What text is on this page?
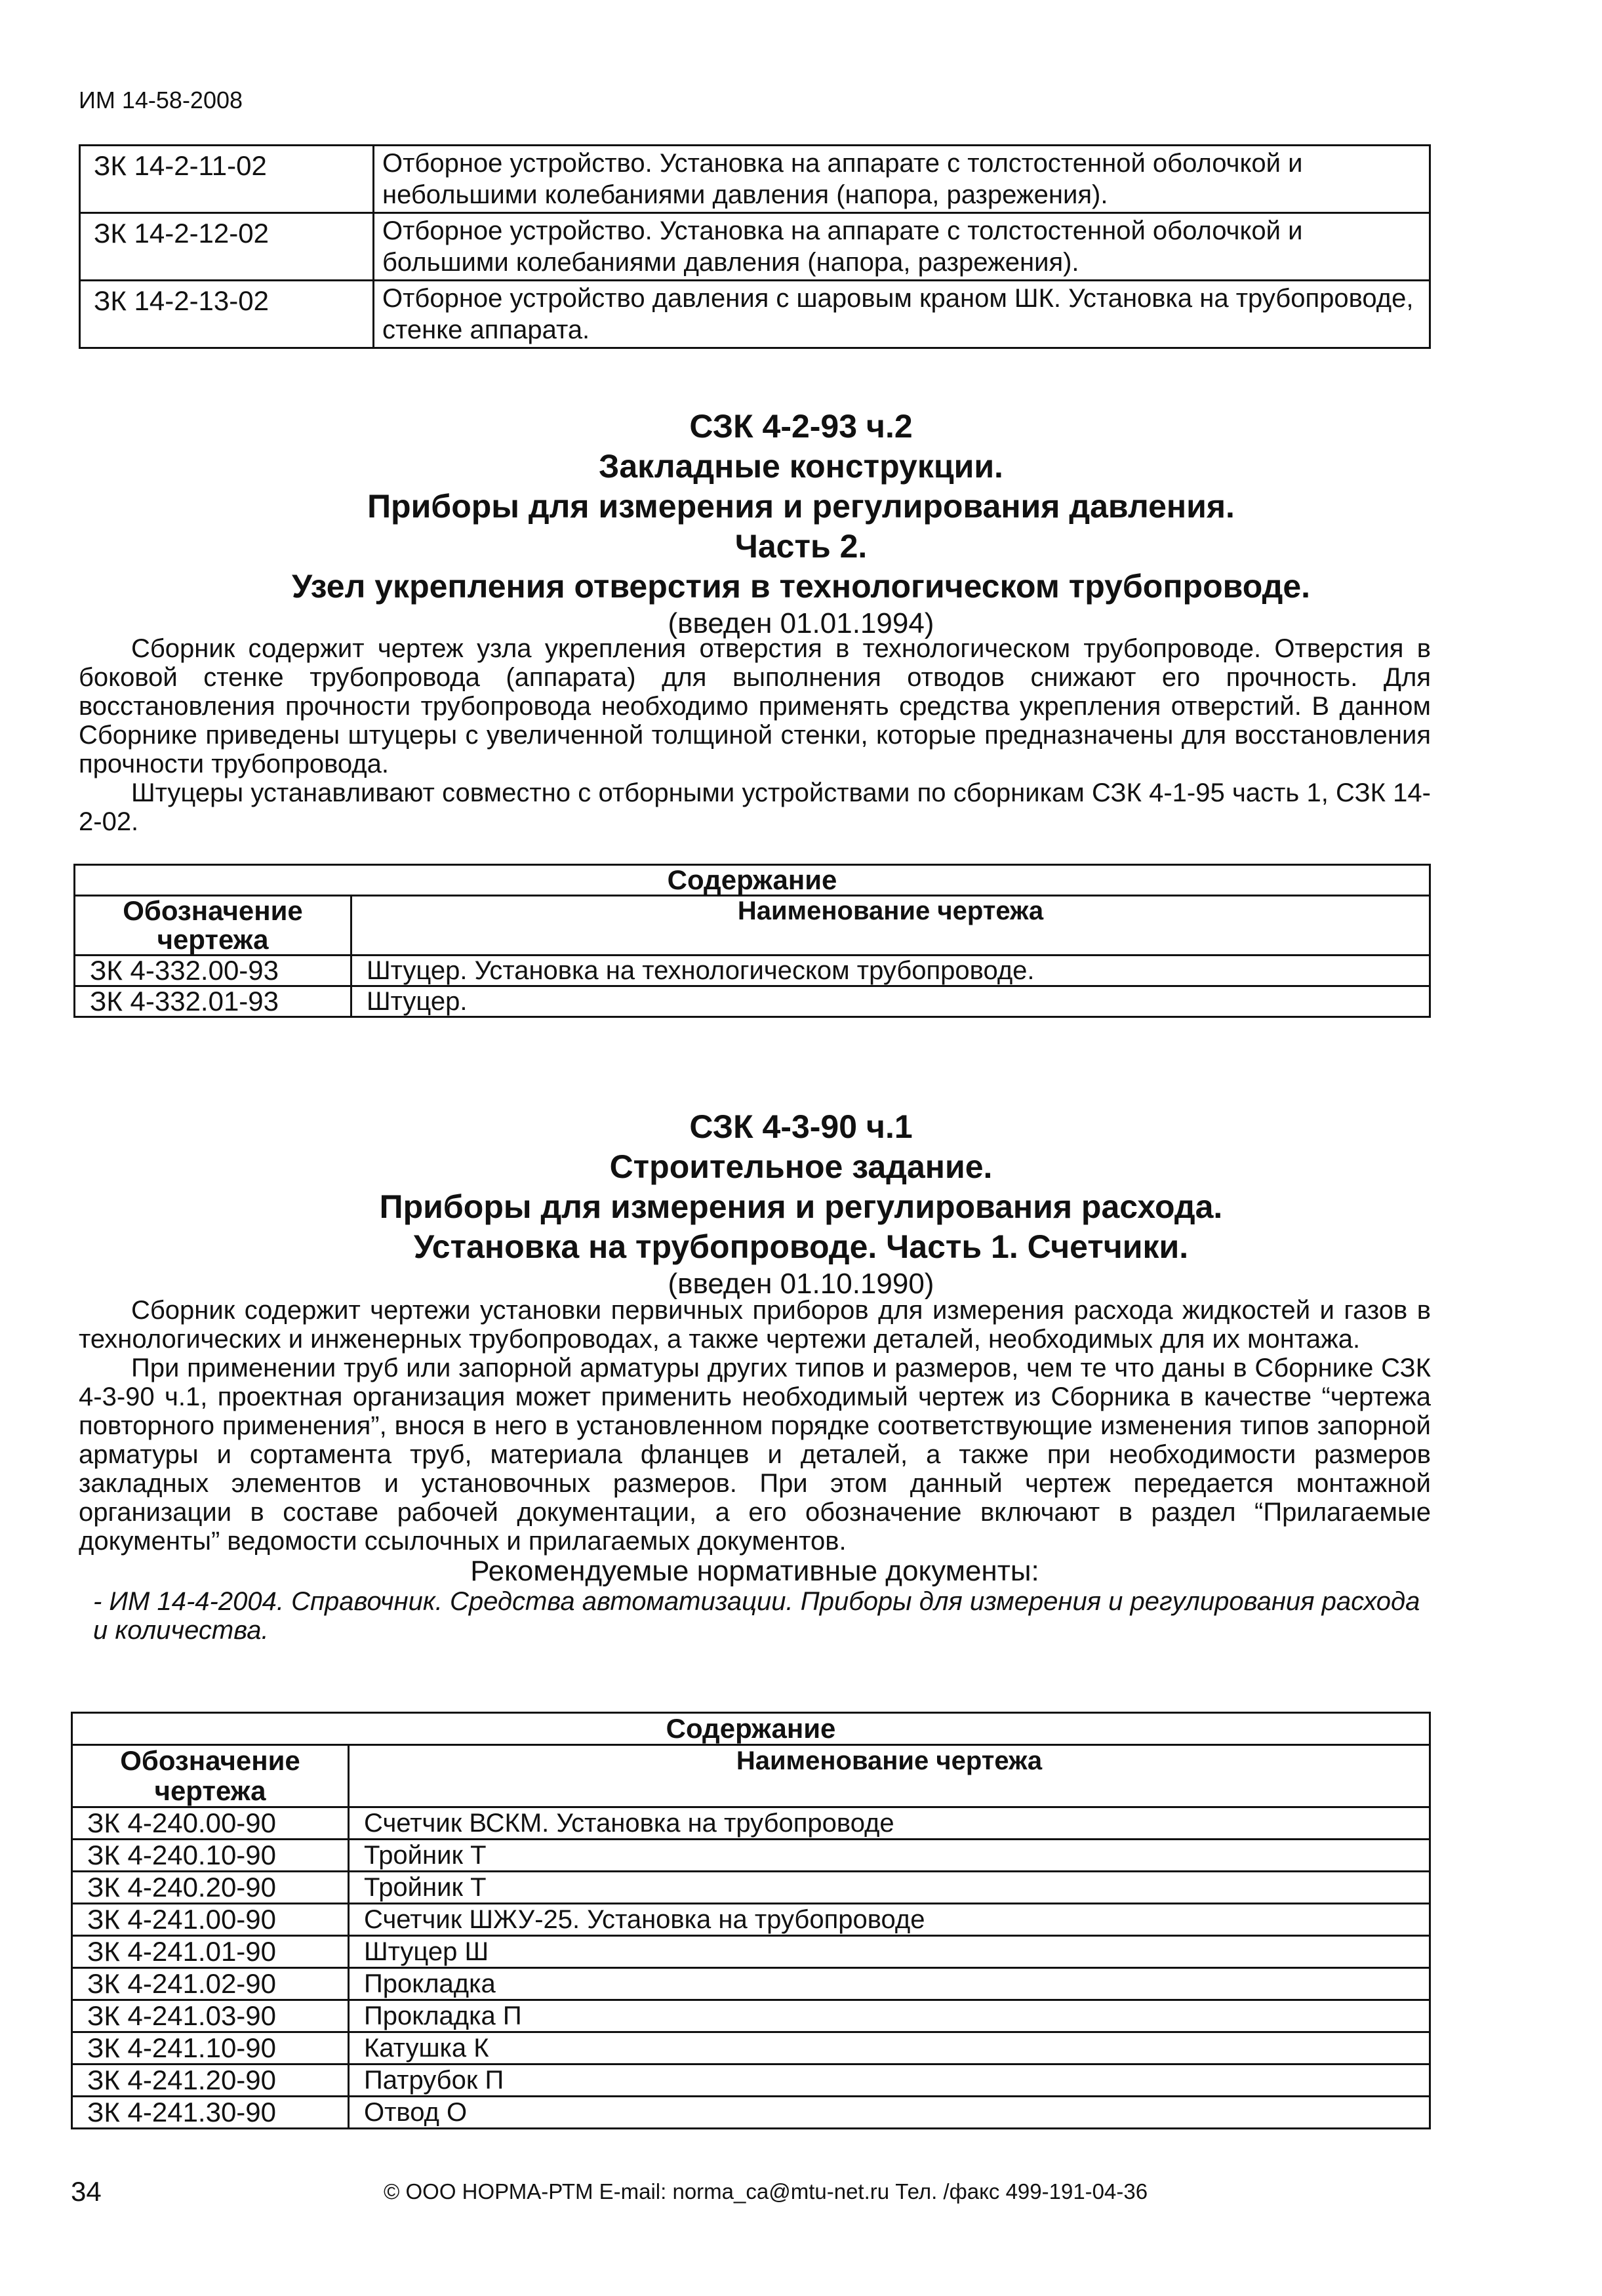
ИМ 14-58-2008
ЗК 14-2-11-02	Отборное устройство. Установка на аппарате с толстостенной оболочкой и небольшими колебаниями давления (напора, разрежения).
ЗК 14-2-12-02	Отборное устройство. Установка на аппарате с толстостенной оболочкой и большими колебаниями давления (напора, разрежения).
ЗК 14-2-13-02	Отборное устройство давления с шаровым краном ШК. Установка на трубопроводе, стенке аппарата.

СЗК 4-2-93 ч.2

Закладные конструкции.

Приборы для измерения и регулирования давления.

Часть 2.

Узел укрепления отверстия в технологическом трубопроводе.

(введен 01.01.1994)

Сборник содержит чертеж узла укрепления отверстия в технологическом трубопроводе. Отверстия в боковой стенке трубопровода (аппарата) для выполнения отводов снижают его прочность. Для восстановления прочности трубопровода необходимо применять средства укрепления отверстий. В данном Сборнике приведены штуцеры с увеличенной толщиной стенки, которые предназначены для восстановления прочности трубопровода.

Штуцеры устанавливают совместно с отборными устройствами по сборникам СЗК 4-1-95 часть 1, СЗК 14-2-02.

Содержание	
Обозначение чертежа	Наименование чертежа
ЗК 4-332.00-93	Штуцер. Установка на технологическом трубопроводе.
ЗК 4-332.01-93	Штуцер.

СЗК 4-3-90 ч.1

Строительное задание.

Приборы для измерения и регулирования расхода.

Установка на трубопроводе. Часть 1. Счетчики.

(введен 01.10.1990)

Сборник содержит чертежи установки первичных приборов для измерения расхода жидкостей и газов в технологических и инженерных трубопроводах, а также чертежи деталей, необходимых для их монтажа.

При применении труб или запорной арматуры других типов и размеров, чем те что даны в Сборнике СЗК 4-3-90 ч.1, проектная организация может применить необходимый чертеж из Сборника в качестве “чертежа повторного применения”, внося в него в установленном порядке соответствующие изменения типов запорной арматуры и сортамента труб, материала фланцев и деталей, а также при необходимости размеров закладных элементов и установочных размеров. При этом данный чертеж передается монтажной организации в составе рабочей документации, а его обозначение включают в раздел “Прилагаемые документы” ведомости ссылочных и прилагаемых документов.

Рекомендуемые нормативные документы:

- ИМ 14-4-2004. Справочник. Средства автоматизации. Приборы для измерения и регулирования расхода и количества.

Содержание	
Обозначение чертежа	Наименование чертежа
ЗК 4-240.00-90	Счетчик ВСКМ. Установка на трубопроводе
ЗК 4-240.10-90	Тройник Т
ЗК 4-240.20-90	Тройник Т
ЗК 4-241.00-90	Счетчик ШЖУ-25. Установка на трубопроводе
ЗК 4-241.01-90	Штуцер Ш
ЗК 4-241.02-90	Прокладка
ЗК 4-241.03-90	Прокладка П
ЗК 4-241.10-90	Катушка К
ЗК 4-241.20-90	Патрубок П
ЗК 4-241.30-90	Отвод О
34	© ООО НОРМА-РТМ E-mail: norma_ca@mtu-net.ru Тел. /факс 499-191-04-36
